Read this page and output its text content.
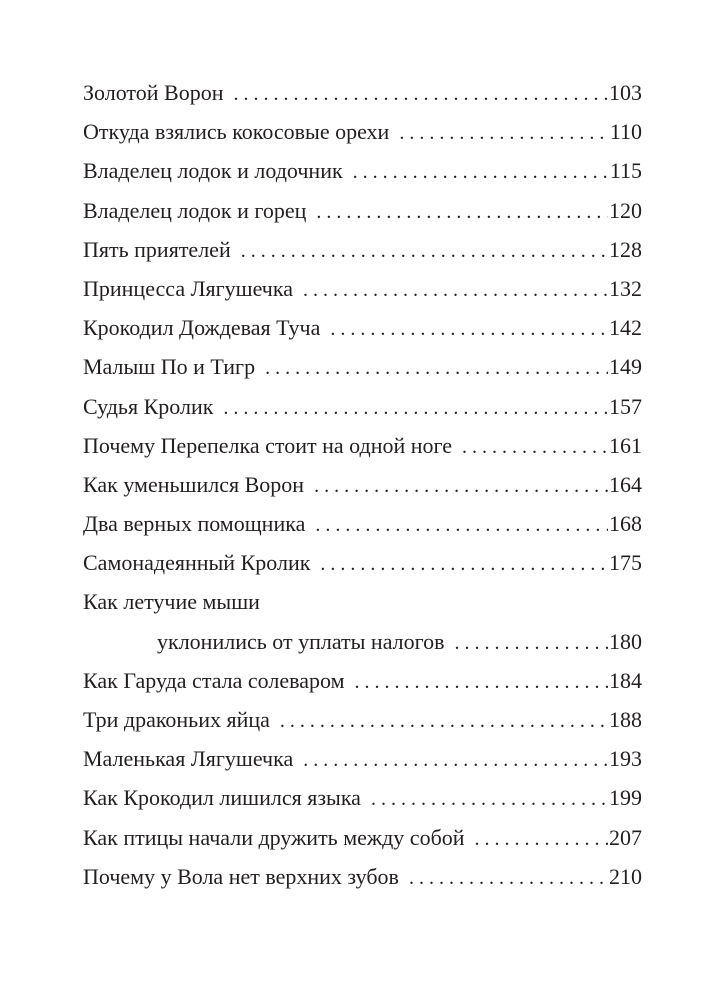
Золотой Ворон . . .	103
Откуда взялись кокосовые орехи . . .	110
Владелец лодок и лодочник . . .	115
Владелец лодок и горец . . .	120
Пять приятелей . . .	128
Принцесса Лягушечка . . .	132
Крокодил Дождевая Туча . . .	142
Малыш По и Тигр . . .	149
Судья Кролик . . .	157
Почему Перепелка стоит на одной ноге . . .	161
Как уменьшился Ворон . . .	164
Два верных помощника . . .	168
Самонадеянный Кролик . . .	175
Как летучие мыши
уклонились от уплаты налогов . . .	180
Как Гаруда стала солеваром . . .	184
Три драконьих яйца . . .	188
Маленькая Лягушечка . . .	193
Как Крокодил лишился языка . . .	199
Как птицы начали дружить между собой . . .	207
Почему у Вола нет верхних зубов . . .	210
